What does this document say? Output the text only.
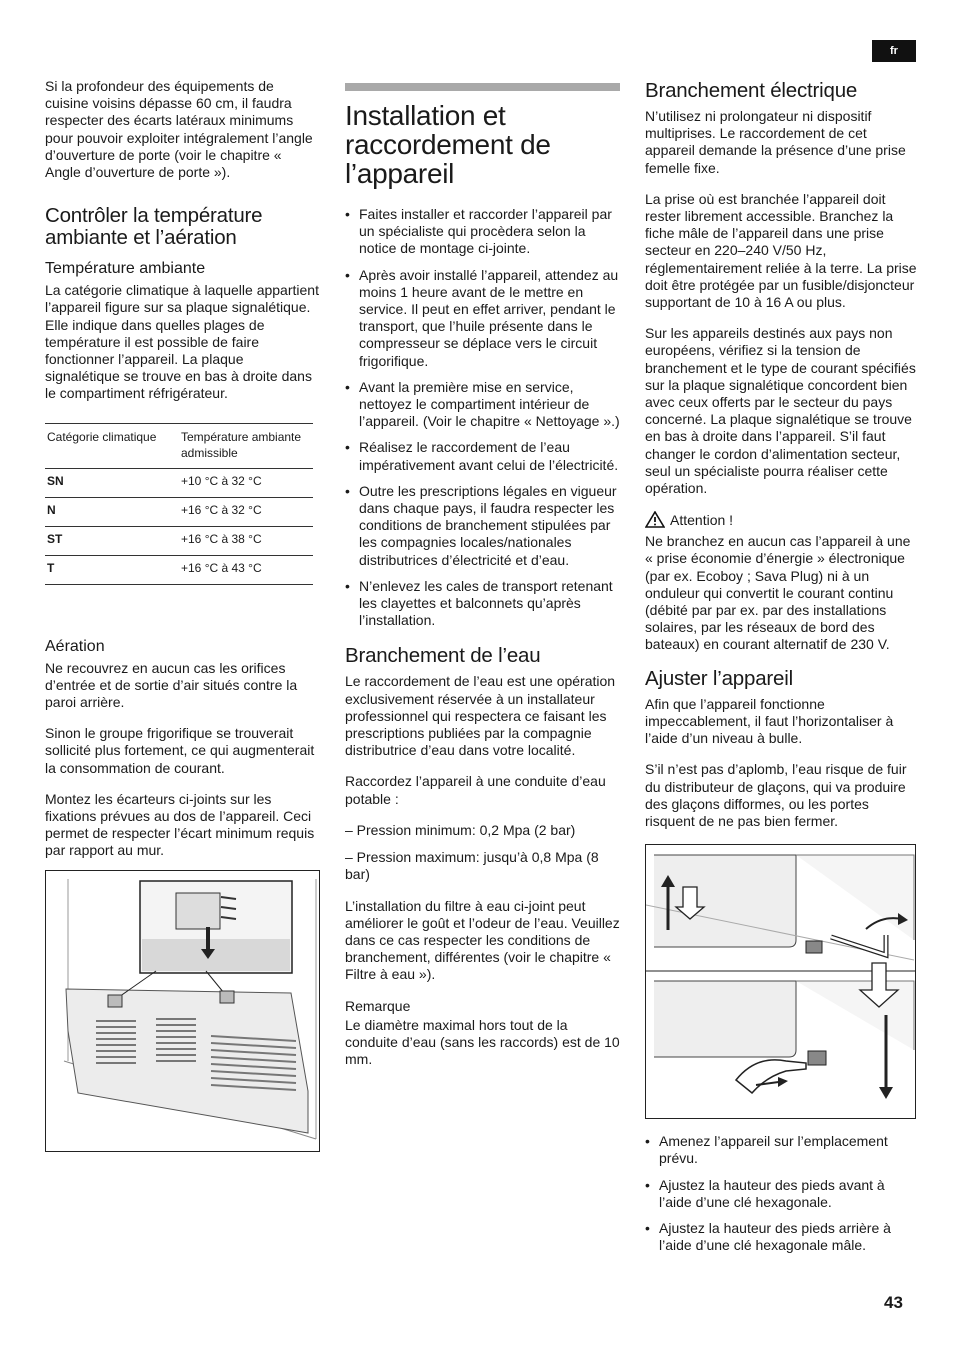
fr

Si la profondeur des équipements de cuisine voisins dépasse 60 cm, il faudra respecter des écarts latéraux minimums pour pouvoir exploiter intégralement l’angle d’ouverture de porte (voir le chapitre « Angle d’ouverture de porte »).

Contrôler la température ambiante et l’aération
Température ambiante

La catégorie climatique à laquelle appartient l’appareil figure sur sa plaque signalétique. Elle indique dans quelles plages de température il est possible de faire fonctionner l’appareil. La plaque signalétique se trouve en bas à droite dans le compartiment réfrigérateur.

Catégorie climatique	Température ambiante admissible
SN	+10 °C à 32 °C
N	+16 °C à 32 °C
ST	+16 °C à 38 °C
T	+16 °C à 43 °C
Aération

Ne recouvrez en aucun cas les orifices d’entrée et de sortie d’air situés contre la paroi arrière.

Sinon le groupe frigorifique se trouverait sollicité plus fortement, ce qui augmenterait la consommation de courant.

Montez les écarteurs ci-joints sur les fixations prévues au dos de l’appareil. Ceci permet de respecter l’écart minimum requis par rapport au mur.

Installation et raccordement de l’appareil
• Faites installer et raccorder l’appareil par un spécialiste qui procèdera selon la notice de montage ci-jointe.
• Après avoir installé l’appareil, attendez au moins 1 heure avant de le mettre en service. Il peut en effet arriver, pendant le transport, que l’huile présente dans le compresseur se déplace vers le circuit frigorifique.
• Avant la première mise en service, nettoyez le compartiment intérieur de l’appareil. (Voir le chapitre « Nettoyage ».)
• Réalisez le raccordement de l’eau impérativement avant celui de l’électricité.
• Outre les prescriptions légales en vigueur dans chaque pays, il faudra respecter les conditions de branchement stipulées par les compagnies locales/nationales distributrices d’électricité et d’eau.
• N’enlevez les cales de transport retenant les clayettes et balconnets qu’après l’installation.
Branchement de l’eau

Le raccordement de l’eau est une opération exclusivement réservée à un installateur professionnel qui respectera ce faisant les prescriptions publiées par la compagnie distributrice d’eau dans votre localité.

Raccordez l’appareil à une conduite d’eau potable :

– Pression minimum: 0,2 Mpa (2 bar)

– Pression maximum: jusqu’à 0,8 Mpa (8 bar)

L’installation du filtre à eau ci-joint peut améliorer le goût et l’odeur de l’eau. Veuillez dans ce cas respecter les conditions de branchement, différentes (voir le chapitre « Filtre à eau »).

Remarque

Le diamètre maximal hors tout de la conduite d’eau (sans les raccords) est de 10 mm.

Branchement électrique

N’utilisez ni prolongateur ni dispositif multiprises. Le raccordement de cet appareil demande la présence d’une prise femelle fixe.

La prise où est branchée l’appareil doit rester librement accessible. Branchez la fiche mâle de l’appareil dans une prise secteur en 220–240 V/50 Hz, réglementairement reliée à la terre. La prise doit être protégée par un fusible/disjoncteur supportant de 10 à 16 A ou plus.

Sur les appareils destinés aux pays non européens, vérifiez si la tension de branchement et le type de courant spécifiés sur la plaque signalétique concordent bien avec ceux offerts par le secteur du pays concerné. La plaque signalétique se trouve en bas à droite dans l’appareil. S’il faut changer le cordon d’alimentation secteur, seul un spécialiste pourra réaliser cette opération.

Attention !

Ne branchez en aucun cas l’appareil à une « prise économie d’énergie » électronique (par ex. Ecoboy ; Sava Plug) ni à un onduleur qui convertit le courant continu (débité par par ex. par des installations solaires, par les réseaux de bord des bateaux) en courant alternatif de 230 V.

Ajuster l’appareil

Afin que l’appareil fonctionne impeccablement, il faut l’horizontaliser à l’aide d’un niveau à bulle.

S’il n’est pas d’aplomb, l’eau risque de fuir du distributeur de glaçons, qui va produire des glaçons difformes, ou les portes risquent de ne pas bien fermer.

• Amenez l’appareil sur l’emplacement prévu.
• Ajustez la hauteur des pieds avant à l’aide d’une clé hexagonale.
• Ajustez la hauteur des pieds arrière à l’aide d’une clé hexagonale mâle.
43
